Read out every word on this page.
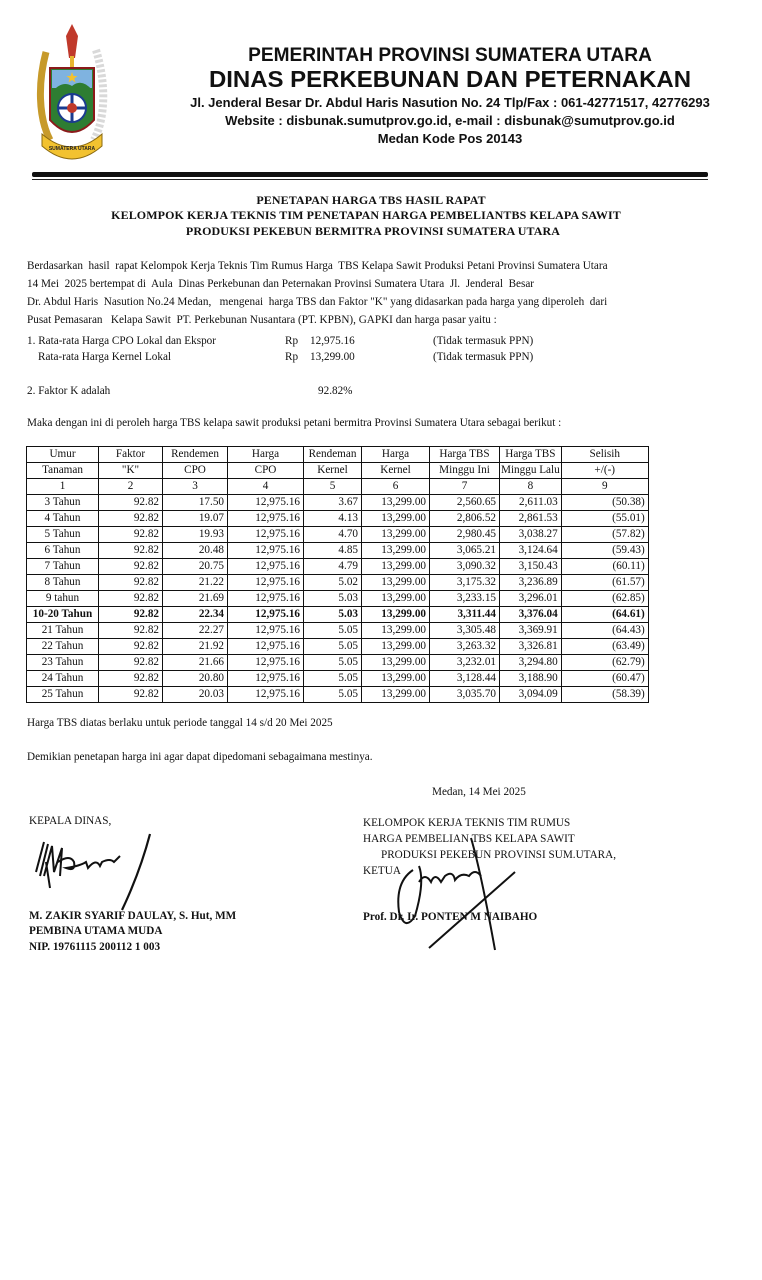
SUMATERA UTARA
PEMERINTAH PROVINSI SUMATERA UTARA
DINAS PERKEBUNAN DAN PETERNAKAN
Jl. Jenderal Besar Dr. Abdul Haris Nasution No. 24 Tlp/Fax : 061-42771517, 42776293
Website : disbunak.sumutprov.go.id, e-mail : disbunak@sumutprov.go.id
Medan Kode Pos 20143
PENETAPAN HARGA TBS HASIL RAPAT
KELOMPOK KERJA TEKNIS TIM PENETAPAN HARGA PEMBELIANTBS KELAPA SAWIT
PRODUKSI PEKEBUN BERMITRA PROVINSI SUMATERA UTARA
Berdasarkan  hasil  rapat Kelompok Kerja Teknis Tim Rumus Harga  TBS Kelapa Sawit Produksi Petani Provinsi Sumatera Utara
14 Mei  2025 bertempat di  Aula  Dinas Perkebunan dan Peternakan Provinsi Sumatera Utara  Jl.  Jenderal  Besar
Dr. Abdul Haris  Nasution No.24 Medan,   mengenai  harga TBS dan Faktor "K" yang didasarkan pada harga yang diperoleh  dari
Pusat Pemasaran   Kelapa Sawit  PT. Perkebunan Nusantara (PT. KPBN), GAPKI dan harga pasar yaitu :
1. Rata-rata Harga CPO Lokal dan Ekspor	Rp 12,975.16	(Tidak termasuk PPN)
Rata-rata Harga Kernel Lokal	Rp 13,299.00	(Tidak termasuk PPN)
2. Faktor K adalah	92.82%
Maka dengan ini di peroleh harga TBS kelapa sawit produksi petani bermitra Provinsi Sumatera Utara sebagai berikut :
Umur	Faktor	Rendemen	Harga	Rendeman	Harga	Harga TBS	Harga TBS	Selisih
Tanaman	"K"	CPO	CPO	Kernel	Kernel	Minggu Ini	Minggu Lalu	+/(-)
1	2	3	4	5	6	7	8	9
3 Tahun	92.82	17.50	12,975.16	3.67	13,299.00	2,560.65	2,611.03	(50.38)
4 Tahun	92.82	19.07	12,975.16	4.13	13,299.00	2,806.52	2,861.53	(55.01)
5 Tahun	92.82	19.93	12,975.16	4.70	13,299.00	2,980.45	3,038.27	(57.82)
6 Tahun	92.82	20.48	12,975.16	4.85	13,299.00	3,065.21	3,124.64	(59.43)
7 Tahun	92.82	20.75	12,975.16	4.79	13,299.00	3,090.32	3,150.43	(60.11)
8 Tahun	92.82	21.22	12,975.16	5.02	13,299.00	3,175.32	3,236.89	(61.57)
9 tahun	92.82	21.69	12,975.16	5.03	13,299.00	3,233.15	3,296.01	(62.85)
10-20 Tahun	92.82	22.34	12,975.16	5.03	13,299.00	3,311.44	3,376.04	(64.61)
21 Tahun	92.82	22.27	12,975.16	5.05	13,299.00	3,305.48	3,369.91	(64.43)
22 Tahun	92.82	21.92	12,975.16	5.05	13,299.00	3,263.32	3,326.81	(63.49)
23 Tahun	92.82	21.66	12,975.16	5.05	13,299.00	3,232.01	3,294.80	(62.79)
24 Tahun	92.82	20.80	12,975.16	5.05	13,299.00	3,128.44	3,188.90	(60.47)
25 Tahun	92.82	20.03	12,975.16	5.05	13,299.00	3,035.70	3,094.09	(58.39)
Harga TBS diatas berlaku untuk periode tanggal 14 s/d 20 Mei 2025
Demikian penetapan harga ini agar dapat dipedomani sebagaimana mestinya.
Medan, 14 Mei 2025
KEPALA DINAS,
M. ZAKIR SYARIF DAULAY, S. Hut, MM
PEMBINA UTAMA MUDA
NIP. 19761115 200112 1 003
KELOMPOK KERJA TEKNIS TIM RUMUS
HARGA PEMBELIAN TBS KELAPA SAWIT
PRODUKSI PEKEBUN PROVINSI SUM.UTARA,
KETUA
Prof. Dr. Ir. PONTEN M NAIBAHO
